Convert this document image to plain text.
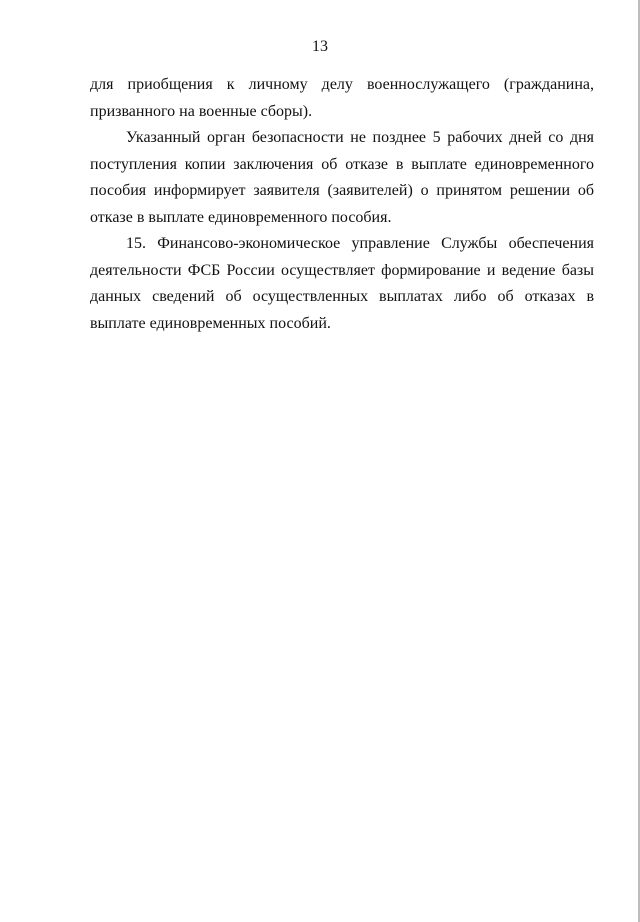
13

для приобщения к личному делу военнослужащего (гражданина, призванного на военные сборы).

Указанный орган безопасности не позднее 5 рабочих дней со дня поступления копии заключения об отказе в выплате единовременного пособия информирует заявителя (заявителей) о принятом решении об отказе в выплате единовременного пособия.

15. Финансово-экономическое управление Службы обеспечения деятельности ФСБ России осуществляет формирование и ведение базы данных сведений об осуществленных выплатах либо об отказах в выплате единовременных пособий.
